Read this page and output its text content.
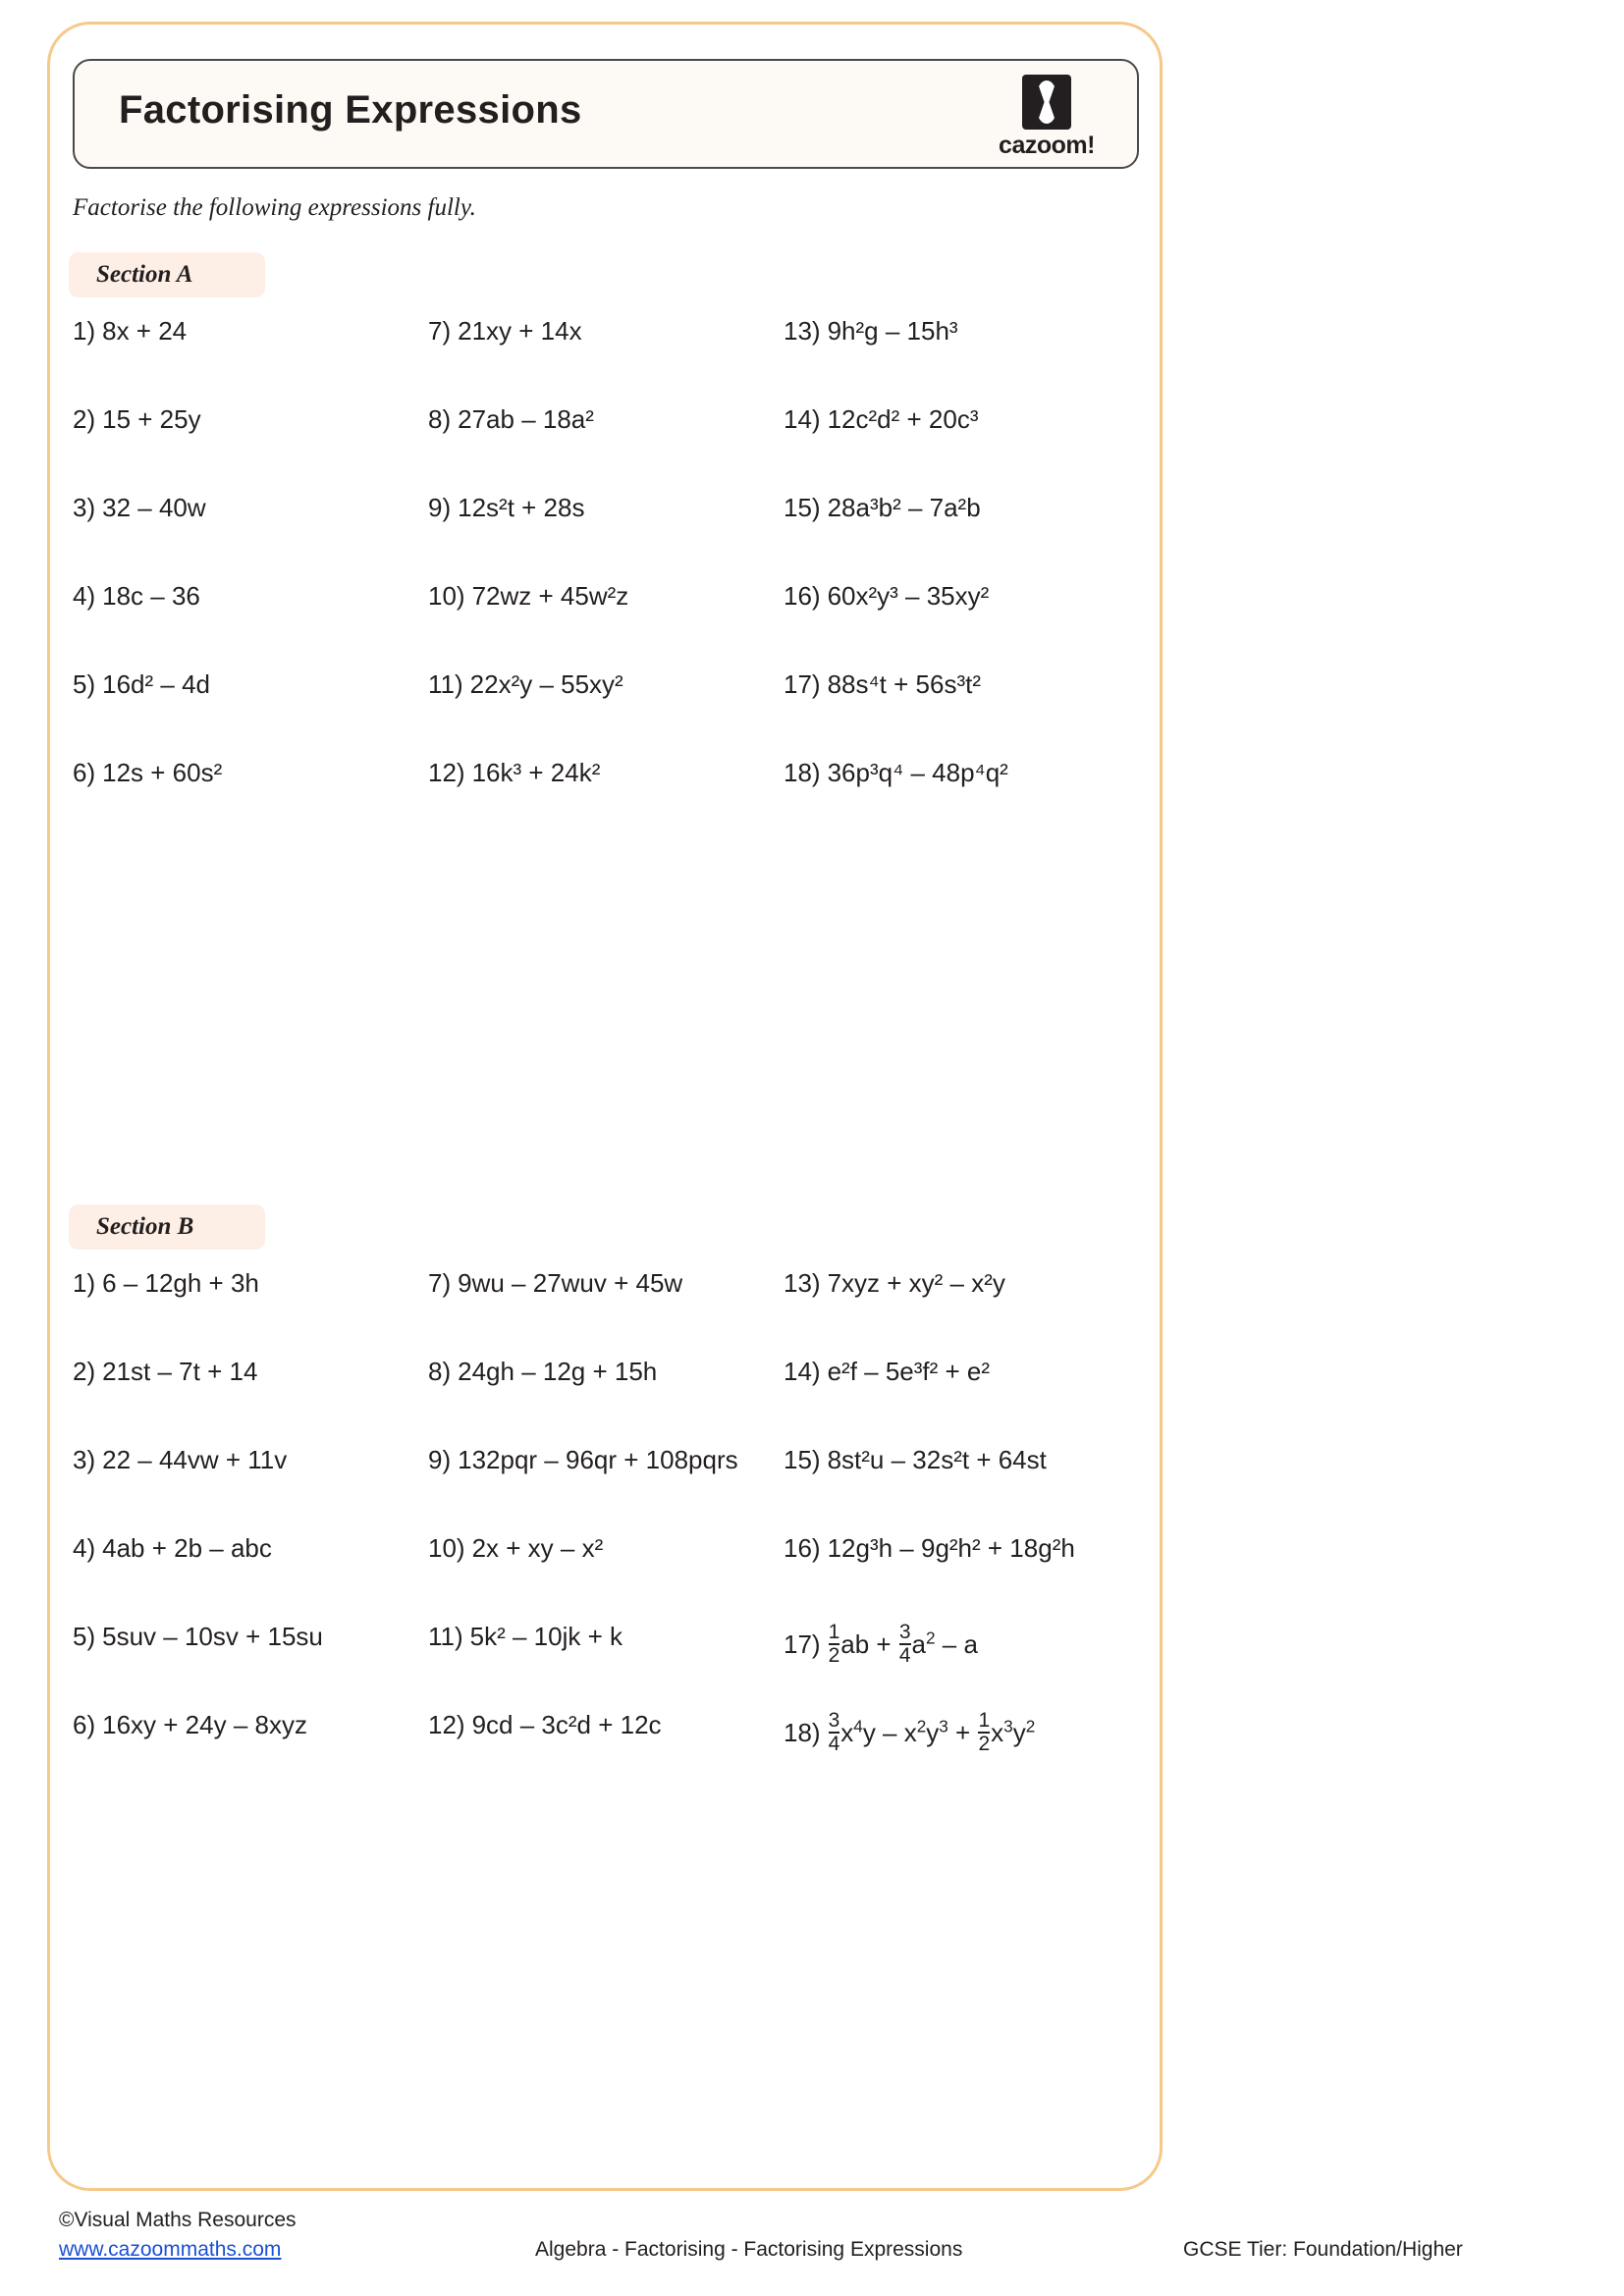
Factorising Expressions
cazoom!
Factorise the following expressions fully.
Section A
1) 8x + 24
2) 15 + 25y
3) 32 – 40w
4) 18c – 36
5) 16d² – 4d
6) 12s + 60s²
7) 21xy + 14x
8) 27ab – 18a²
9) 12s²t + 28s
10) 72wz + 45w²z
11) 22x²y – 55xy²
12) 16k³ + 24k²
13) 9h²g – 15h³
14) 12c²d² + 20c³
15) 28a³b² – 7a²b
16) 60x²y³ – 35xy²
17) 88s⁴t + 56s³t²
18) 36p³q⁴ – 48p⁴q²
Section B
1) 6 – 12gh + 3h
2) 21st – 7t + 14
3) 22 – 44vw + 11v
4) 4ab + 2b – abc
5) 5suv – 10sv + 15su
6) 16xy + 24y – 8xyz
7) 9wu – 27wuv + 45w
8) 24gh – 12g + 15h
9) 132pqr – 96qr + 108pqrs
10) 2x + xy – x²
11) 5k² – 10jk + k
12) 9cd – 3c²d + 12c
13) 7xyz + xy² – x²y
14) e²f – 5e³f² + e²
15) 8st²u – 32s²t + 64st
16) 12g³h – 9g²h² + 18g²h
$17) \frac{1}{2}$ ab + $\frac{3}{4} a^2$ – a
$18) \frac{3}{4} x^4y - x^2y^3 + \frac{1}{2} x^3y^2$
©Visual Maths Resources
www.cazoommaths.com	Algebra - Factorising - Factorising Expressions	GCSE Tier: Foundation/Higher
